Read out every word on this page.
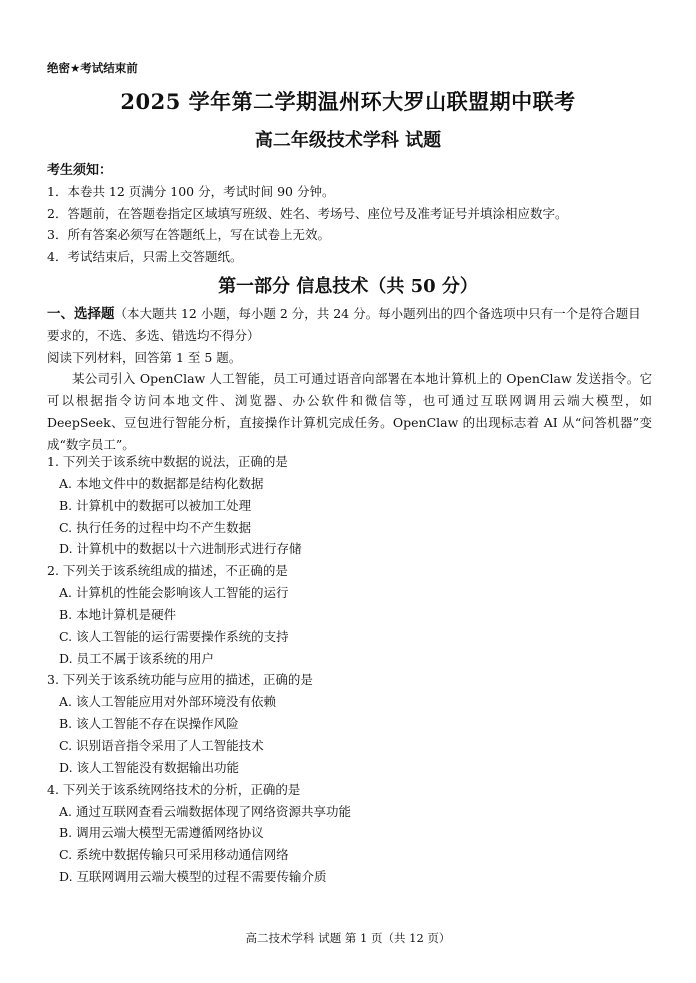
绝密★考试结束前
2025 学年第二学期温州环大罗山联盟期中联考
高二年级技术学科 试题
考生须知：
1．本卷共 12 页满分 100 分，考试时间 90 分钟。
2．答题前，在答题卷指定区域填写班级、姓名、考场号、座位号及准考证号并填涂相应数字。
3．所有答案必须写在答题纸上，写在试卷上无效。
4．考试结束后，只需上交答题纸。
第一部分 信息技术（共 50 分）
一、选择题（本大题共 12 小题，每小题 2 分，共 24 分。每小题列出的四个备选项中只有一个是符合题目要求的，不选、多选、错选均不得分）
阅读下列材料，回答第 1 至 5 题。
某公司引入 OpenClaw 人工智能，员工可通过语音向部署在本地计算机上的 OpenClaw 发送指令。它可以根据指令访问本地文件、浏览器、办公软件和微信等，也可通过互联网调用云端大模型，如 DeepSeek、豆包进行智能分析，直接操作计算机完成任务。OpenClaw 的出现标志着 AI 从“问答机器”变成“数字员工”。
1. 下列关于该系统中数据的说法，正确的是
A. 本地文件中的数据都是结构化数据
B. 计算机中的数据可以被加工处理
C. 执行任务的过程中均不产生数据
D. 计算机中的数据以十六进制形式进行存储
2. 下列关于该系统组成的描述，不正确的是
A. 计算机的性能会影响该人工智能的运行
B. 本地计算机是硬件
C. 该人工智能的运行需要操作系统的支持
D. 员工不属于该系统的用户
3. 下列关于该系统功能与应用的描述，正确的是
A. 该人工智能应用对外部环境没有依赖
B. 该人工智能不存在误操作风险
C. 识别语音指令采用了人工智能技术
D. 该人工智能没有数据输出功能
4. 下列关于该系统网络技术的分析，正确的是
A. 通过互联网查看云端数据体现了网络资源共享功能
B. 调用云端大模型无需遵循网络协议
C. 系统中数据传输只可采用移动通信网络
D. 互联网调用云端大模型的过程不需要传输介质
高二技术学科 试题 第 1 页（共 12 页）
